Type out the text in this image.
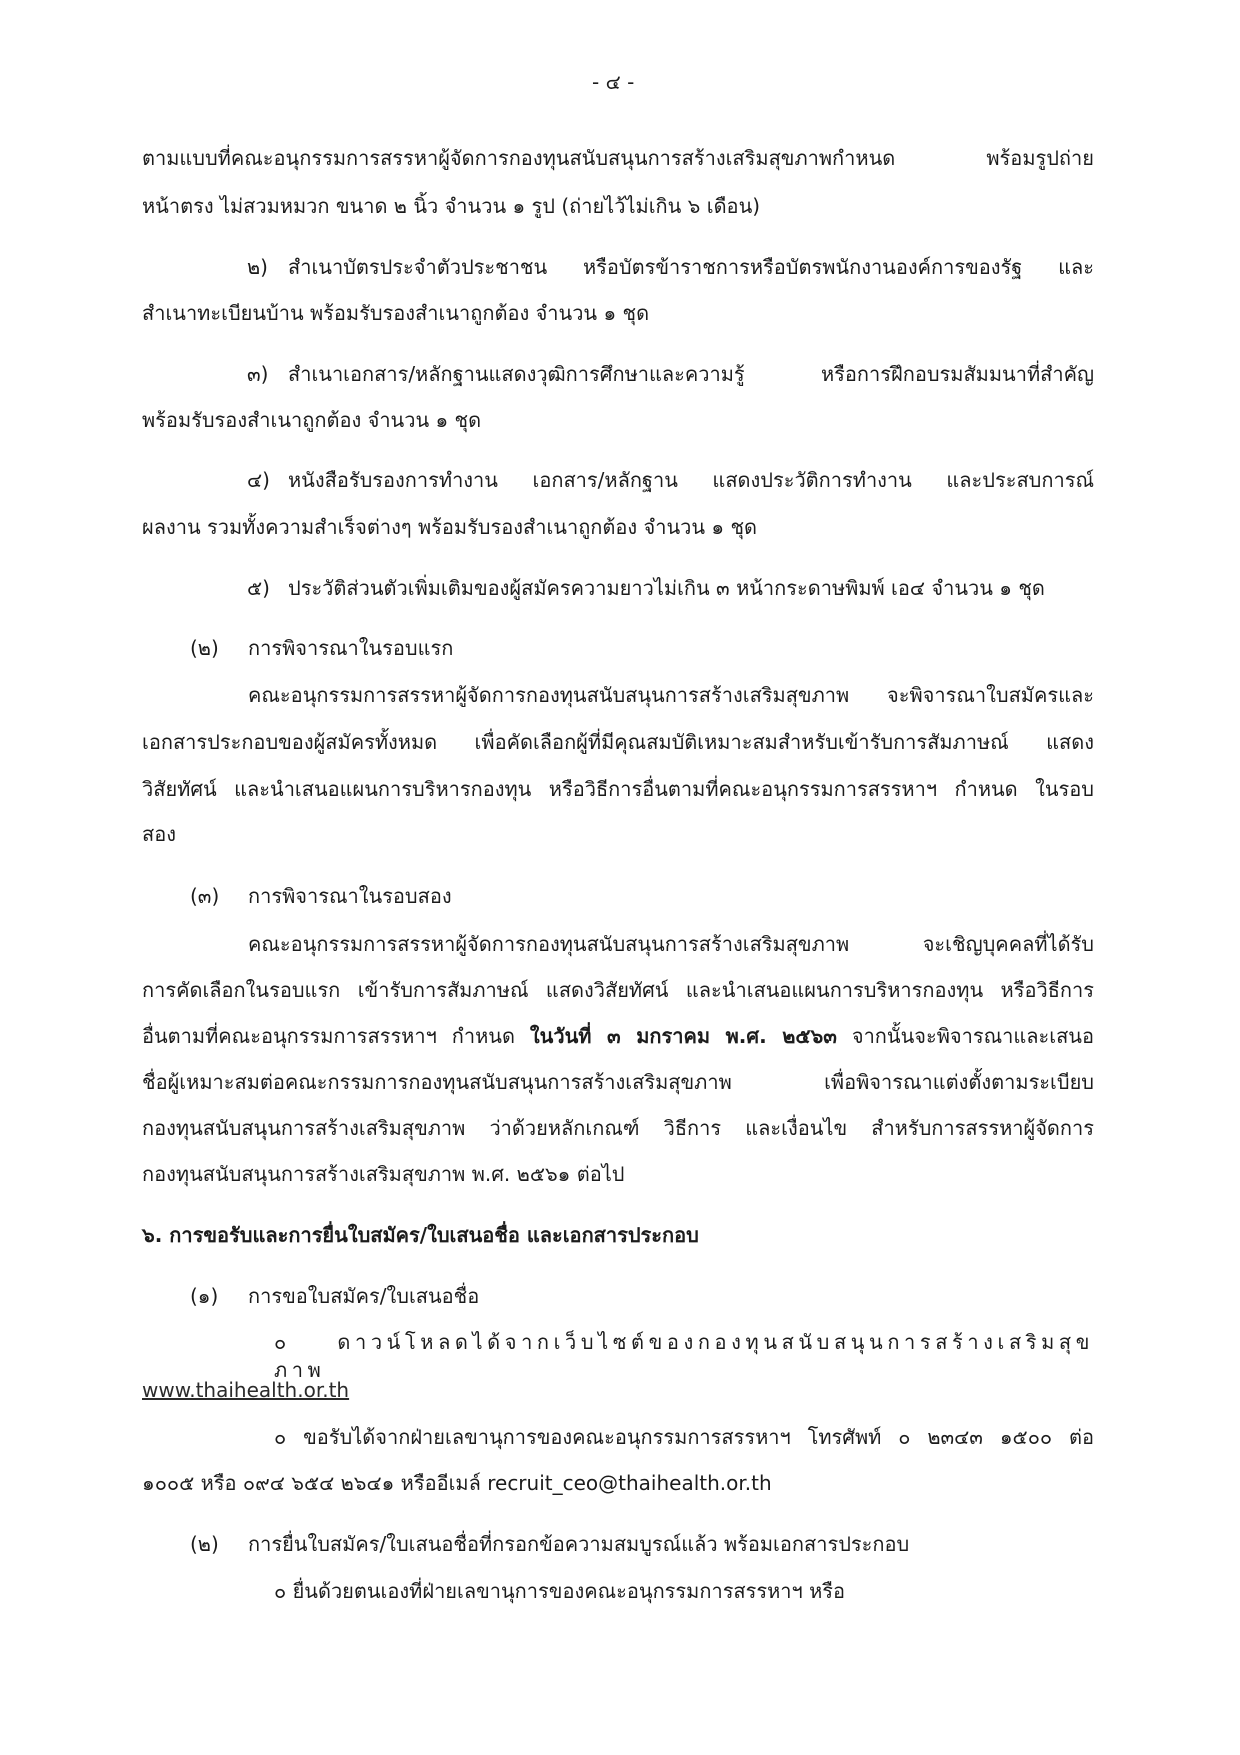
- ๔ -
ตามแบบที่คณะอนุกรรมการสรรหาผู้จัดการกองทุนสนับสนุนการสร้างเสริมสุขภาพกำหนด พร้อมรูปถ่าย
หน้าตรง ไม่สวมหมวก ขนาด ๒ นิ้ว จำนวน ๑ รูป (ถ่ายไว้ไม่เกิน ๖ เดือน)
๒) สำเนาบัตรประจำตัวประชาชน หรือบัตรข้าราชการหรือบัตรพนักงานองค์การของรัฐ และ
สำเนาทะเบียนบ้าน พร้อมรับรองสำเนาถูกต้อง จำนวน ๑ ชุด
๓) สำเนาเอกสาร/หลักฐานแสดงวุฒิการศึกษาและความรู้ หรือการฝึกอบรมสัมมนาที่สำคัญ
พร้อมรับรองสำเนาถูกต้อง จำนวน ๑ ชุด
๔) หนังสือรับรองการทำงาน เอกสาร/หลักฐาน แสดงประวัติการทำงาน และประสบการณ์
ผลงาน รวมทั้งความสำเร็จต่างๆ พร้อมรับรองสำเนาถูกต้อง จำนวน ๑ ชุด
๕) ประวัติส่วนตัวเพิ่มเติมของผู้สมัครความยาวไม่เกิน ๓ หน้ากระดาษพิมพ์ เอ๔ จำนวน ๑ ชุด
(๒) การพิจารณาในรอบแรก
คณะอนุกรรมการสรรหาผู้จัดการกองทุนสนับสนุนการสร้างเสริมสุขภาพ จะพิจารณาใบสมัครและ
เอกสารประกอบของผู้สมัครทั้งหมด เพื่อคัดเลือกผู้ที่มีคุณสมบัติเหมาะสมสำหรับเข้ารับการสัมภาษณ์ แสดง
วิสัยทัศน์ และนำเสนอแผนการบริหารกองทุน หรือวิธีการอื่นตามที่คณะอนุกรรมการสรรหาฯ กำหนด ในรอบ
สอง
(๓) การพิจารณาในรอบสอง
คณะอนุกรรมการสรรหาผู้จัดการกองทุนสนับสนุนการสร้างเสริมสุขภาพ จะเชิญบุคคลที่ได้รับ
การคัดเลือกในรอบแรก เข้ารับการสัมภาษณ์ แสดงวิสัยทัศน์ และนำเสนอแผนการบริหารกองทุน หรือวิธีการ
อื่นตามที่คณะอนุกรรมการสรรหาฯ กำหนด ในวันที่ ๓ มกราคม พ.ศ. ๒๕๖๓ จากนั้นจะพิจารณาและเสนอ
ชื่อผู้เหมาะสมต่อคณะกรรมการกองทุนสนับสนุนการสร้างเสริมสุขภาพ เพื่อพิจารณาแต่งตั้งตามระเบียบ
กองทุนสนับสนุนการสร้างเสริมสุขภาพ ว่าด้วยหลักเกณฑ์ วิธีการ และเงื่อนไข สำหรับการสรรหาผู้จัดการ
กองทุนสนับสนุนการสร้างเสริมสุขภาพ พ.ศ. ๒๕๖๑ ต่อไป
๖. การขอรับและการยื่นใบสมัคร/ใบเสนอชื่อ และเอกสารประกอบ
(๑) การขอใบสมัคร/ใบเสนอชื่อ
๐ ดาวน์โหลดได้จากเว็บไซต์ของกองทุนสนับสนุนการสร้างเสริมสุขภาพ
www.thaihealth.or.th
๐ ขอรับได้จากฝ่ายเลขานุการของคณะอนุกรรมการสรรหาฯ โทรศัพท์ ๐ ๒๓๔๓ ๑๕๐๐ ต่อ
๑๐๐๕ หรือ ๐๙๔ ๖๕๔ ๒๖๔๑ หรืออีเมล์ recruit_ceo@thaihealth.or.th
(๒) การยื่นใบสมัคร/ใบเสนอชื่อที่กรอกข้อความสมบูรณ์แล้ว พร้อมเอกสารประกอบ
๐ ยื่นด้วยตนเองที่ฝ่ายเลขานุการของคณะอนุกรรมการสรรหาฯ หรือ
